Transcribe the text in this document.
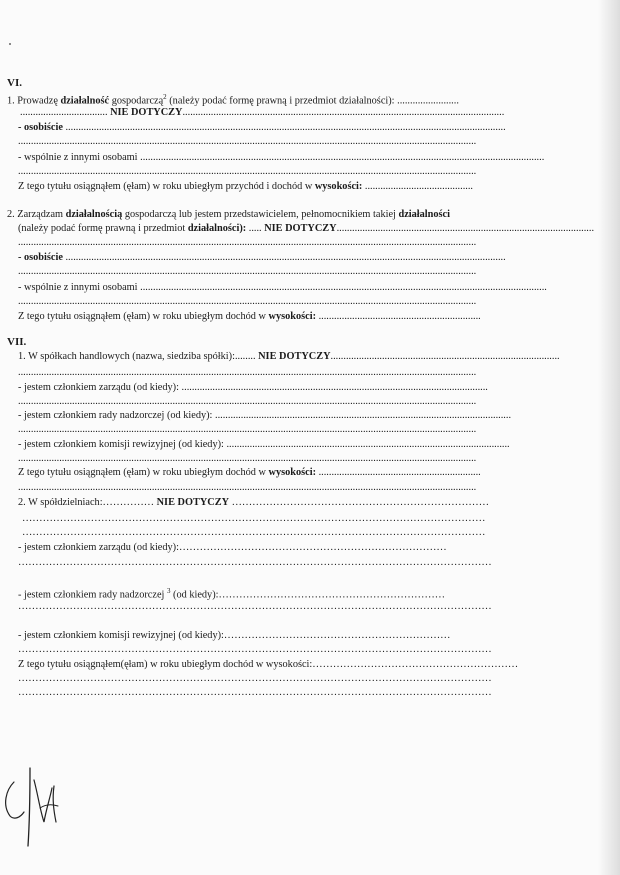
VI.
1. Prowadzę działalność gospodarczą$^2$ (należy podać formę prawną i przedmiot działalności): ........................
.................................. NIE DOTYCZY.............................................................................................................................
- osobiście ...........................................................................................................................................................................
..................................................................................................................................................................................
- wspólnie z innymi osobami .............................................................................................................................................................
..................................................................................................................................................................................
Z tego tytułu osiągnąłem (ęłam) w roku ubiegłym przychód i dochód w wysokości: ..........................................
2. Zarządzam działalnością gospodarczą lub jestem przedstawicielem, pełnomocnikiem takiej działalności
(należy podać formę prawną i przedmiot działalności): ..... NIE DOTYCZY....................................................................................................
..................................................................................................................................................................................
- osobiście ...........................................................................................................................................................................
..................................................................................................................................................................................
- wspólnie z innymi osobami ..............................................................................................................................................................
..................................................................................................................................................................................
Z tego tytułu osiągnąłem (ęłam) w roku ubiegłym dochód w wysokości: ...............................................................
VII.
1. W spółkach handlowych (nazwa, siedziba spółki):........ NIE DOTYCZY.........................................................................................
..................................................................................................................................................................................
- jestem członkiem zarządu (od kiedy): .......................................................................................................................
..................................................................................................................................................................................
- jestem członkiem rady nadzorczej (od kiedy): ...................................................................................................................
..................................................................................................................................................................................
- jestem członkiem komisji rewizyjnej (od kiedy): ..............................................................................................................
..................................................................................................................................................................................
Z tego tytułu osiągnąłem (ęłam) w roku ubiegłym dochód w wysokości: ...............................................................
..................................................................................................................................................................................
2. W spółdzielniach:…………… NIE DOTYCZY …………………………………………………………………
………………………………………………………………………………………………………………………
………………………………………………………………………………………………………………………
- jestem członkiem zarządu (od kiedy):……………………………………………………………………
…………………………………………………………………………………………………………………………
- jestem członkiem rady nadzorczej $^3$ (od kiedy):…………………………………………………………
…………………………………………………………………………………………………………………………
- jestem członkiem komisji rewizyjnej (od kiedy):…………………………………………………………
…………………………………………………………………………………………………………………………
Z tego tytułu osiągnąłem(ęłam) w roku ubiegłym dochód w wysokości:……………………………………………………
…………………………………………………………………………………………………………………………
…………………………………………………………………………………………………………………………
